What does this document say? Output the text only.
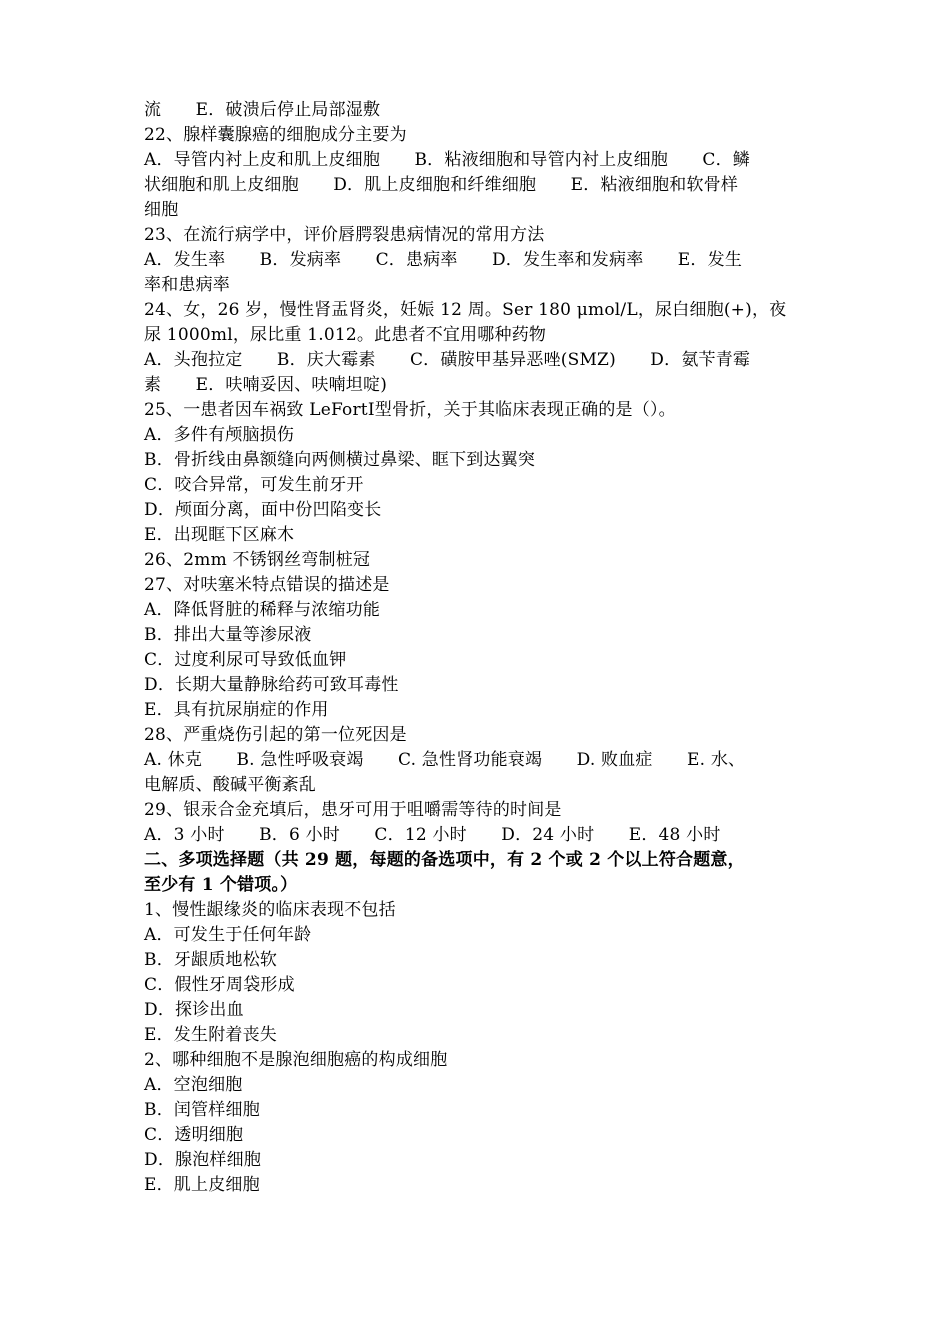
流　　E．破溃后停止局部湿敷
22、腺样囊腺癌的细胞成分主要为
A．导管内衬上皮和肌上皮细胞　　B．粘液细胞和导管内衬上皮细胞　　C．鳞
状细胞和肌上皮细胞　　D．肌上皮细胞和纤维细胞　　E．粘液细胞和软骨样
细胞
23、在流行病学中，评价唇腭裂患病情况的常用方法
A．发生率　　B．发病率　　C．患病率　　D．发生率和发病率　　E．发生
率和患病率
24、女，26 岁，慢性肾盂肾炎，妊娠 12 周。Ser 180 μmol/L，尿白细胞(+)，夜
尿 1000ml，尿比重 1.012。此患者不宜用哪种药物
A．头孢拉定　　B．庆大霉素　　C．磺胺甲基异恶唑(SMZ)　　D．氨苄青霉
素　　E．呋喃妥因、呋喃坦啶)
25、一患者因车祸致 LeFortⅠ型骨折，关于其临床表现正确的是（）。
A．多件有颅脑损伤
B．骨折线由鼻额缝向两侧横过鼻梁、眶下到达翼突
C．咬合异常，可发生前牙开
D．颅面分离，面中份凹陷变长
E．出现眶下区麻木
26、2mm 不锈钢丝弯制桩冠
27、对呋塞米特点错误的描述是
A．降低肾脏的稀释与浓缩功能
B．排出大量等渗尿液
C．过度利尿可导致低血钾
D．长期大量静脉给药可致耳毒性
E．具有抗尿崩症的作用
28、严重烧伤引起的第一位死因是
A. 休克　　B. 急性呼吸衰竭　　C. 急性肾功能衰竭　　D. 败血症　　E. 水、
电解质、酸碱平衡紊乱
29、银汞合金充填后，患牙可用于咀嚼需等待的时间是
A．3 小时　　B．6 小时　　C．12 小时　　D．24 小时　　E．48 小时
二、多项选择题（共 29 题，每题的备选项中，有 2 个或 2 个以上符合题意，
至少有 1 个错项。）
1、慢性龈缘炎的临床表现不包括
A．可发生于任何年龄
B．牙龈质地松软
C．假性牙周袋形成
D．探诊出血
E．发生附着丧失
2、哪种细胞不是腺泡细胞癌的构成细胞
A．空泡细胞
B．闰管样细胞
C．透明细胞
D．腺泡样细胞
E．肌上皮细胞
